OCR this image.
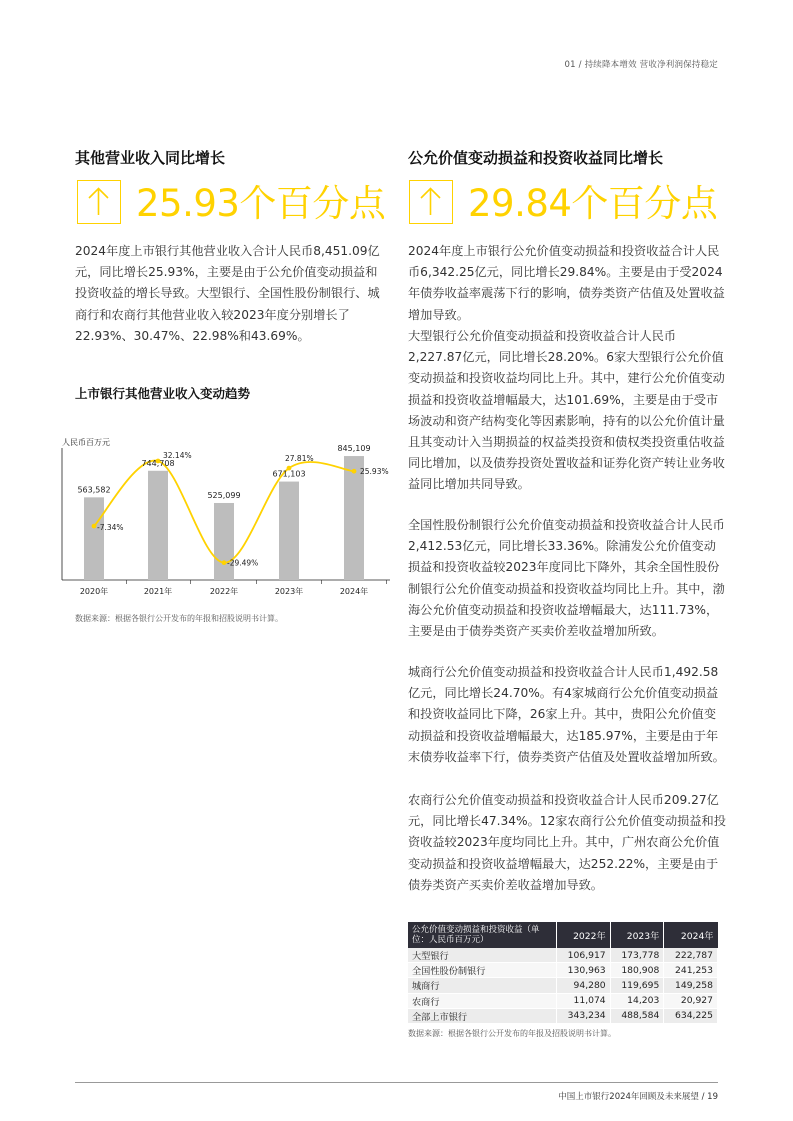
01 / 持续降本增效 营收净利润保持稳定
其他营业收入同比增长
25.93个百分点
2024年度上市银行其他营业收入合计人民币8,451.09亿元，同比增长25.93%，主要是由于公允价值变动损益和投资收益的增长导致。大型银行、全国性股份制银行、城商行和农商行其他营业收入较2023年度分别增长了22.93%、30.47%、22.98%和43.69%。
上市银行其他营业收入变动趋势
人民币百万元
563,582
2020年
744,708
2021年
525,099
2022年
671,103
2023年
845,109
2024年
-7.34%
32.14%
-29.49%
27.81%
25.93%
数据来源：根据各银行公开发布的年报和招股说明书计算。
公允价值变动损益和投资收益同比增长
29.84个百分点
2024年度上市银行公允价值变动损益和投资收益合计人民币6,342.25亿元，同比增长29.84%。主要是由于受2024年债券收益率震荡下行的影响，债券类资产估值及处置收益增加导致。
大型银行公允价值变动损益和投资收益合计人民币2,227.87亿元，同比增长28.20%。6家大型银行公允价值变动损益和投资收益均同比上升。其中，建行公允价值变动损益和投资收益增幅最大，达101.69%，主要是由于受市场波动和资产结构变化等因素影响，持有的以公允价值计量且其变动计入当期损益的权益类投资和债权类投资重估收益同比增加，以及债券投资处置收益和证券化资产转让业务收益同比增加共同导致。
全国性股份制银行公允价值变动损益和投资收益合计人民币2,412.53亿元，同比增长33.36%。除浦发公允价值变动损益和投资收益较2023年度同比下降外，其余全国性股份制银行公允价值变动损益和投资收益均同比上升。其中，渤海公允价值变动损益和投资收益增幅最大，达111.73%，主要是由于债券类资产买卖价差收益增加所致。
城商行公允价值变动损益和投资收益合计人民币1,492.58亿元，同比增长24.70%。有4家城商行公允价值变动损益和投资收益同比下降，26家上升。其中，贵阳公允价值变动损益和投资收益增幅最大，达185.97%，主要是由于年末债券收益率下行，债券类资产估值及处置收益增加所致。
农商行公允价值变动损益和投资收益合计人民币209.27亿元，同比增长47.34%。12家农商行公允价值变动损益和投资收益较2023年度均同比上升。其中，广州农商公允价值变动损益和投资收益增幅最大，达252.22%，主要是由于债券类资产买卖价差收益增加导致。
公允价值变动损益和投资收益（单位：人民币百万元）	2022年	2023年	2024年
大型银行	106,917	173,778	222,787
全国性股份制银行	130,963	180,908	241,253
城商行	94,280	119,695	149,258
农商行	11,074	14,203	20,927
全部上市银行	343,234	488,584	634,225
数据来源：根据各银行公开发布的年报及招股说明书计算。
中国上市银行2024年回顾及未来展望 / 19
